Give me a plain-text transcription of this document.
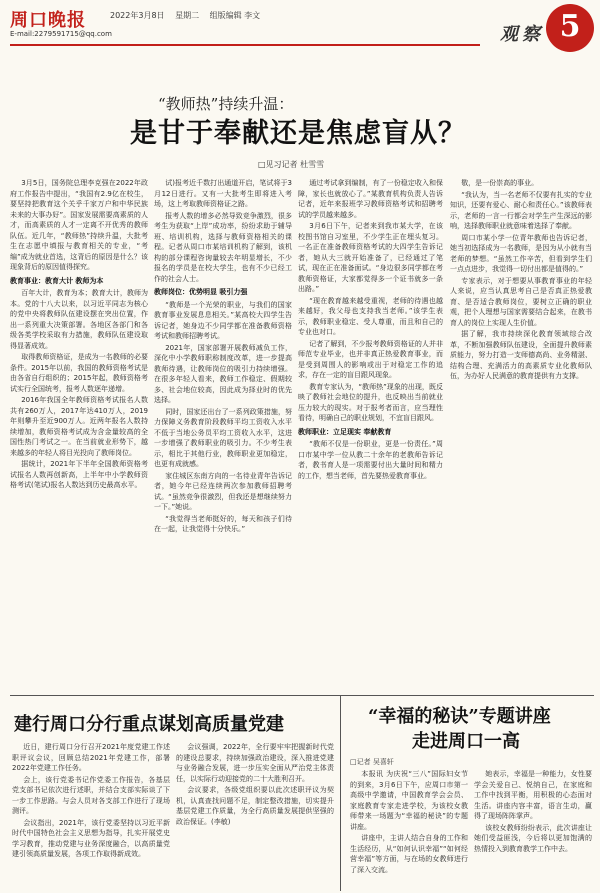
周口晚报	2022年3月8日 星期二 组版编辑 李文
E-mail:2279591715@qq.com	观察 5
“教师热”持续升温：
是甘于奉献还是焦虑盲从？
□见习记者 杜雪雪

3月5日，国务院总理李克强在2022年政府工作报告中提出，“我国有2.9亿在校生，要坚持把教育这个关乎千家万户和中华民族未来的大事办好”。国家发展需要高素质的人才，而高素质的人才一定离不开优秀的教师队伍。近几年，“教师热”持续升温，大批考生在志愿中填报与教育相关的专业，“考编”成为就业首选，这背后的原因是什么？该现象背后的原因值得探究。

教育事业：教育大计 教师为本

百年大计，教育为本；教育大计，教师为本。党的十八大以来，以习近平同志为核心的党中央将教师队伍建设摆在突出位置，作出一系列重大决策部署。各地区各部门和各级各类学校采取有力措施，教师队伍建设取得显著成效。

取得教师资格证，是成为一名教师的必要条件。2015年以前，我国的教师资格考试是由各省自行组织的；2015年起，教师资格考试实行全国统考，报考人数逐年递增。

2016年我国全年教师资格考试报名人数共有260万人，2017年达410万人，2019年则攀升至近900万人。近两年报名人数持续增加，教师资格考试成为含金量较高的全国性热门考试之一。在当前就业形势下，越来越多的年轻人将目光投向了教师岗位。

据统计，2021年下半年全国教师资格考试报名人数再创新高，上半年中小学教师资格考试(笔试)报名人数达到历史最高水平。

试)报考近千数打出通道开启，笔试将于3月12日进行。又有一大批考生即将进入考场，这上考取教师资格证之路。

报考人数的增多必然导致竞争激烈，很多考生为获取“上岸”成功率，纷纷求助于辅导班、培训机构，选择与教师资格相关的课程。记者从周口市某培训机构了解到，该机构的部分课程咨询量较去年明显增长，不少报名的学员是在校大学生，也有不少已经工作的社会人士。

教师岗位：优势明显 吸引力强

“教师是一个光荣的职业，与我们的国家教育事业发展息息相关。”某高校大四学生告诉记者，她身边不少同学都在准备教师资格考试和教师招聘考试。

2021年，国家部署开展教师减负工作，深化中小学教师职称制度改革，进一步提高教师待遇，让教师岗位的吸引力持续增强。在很多年轻人看来，教师工作稳定、假期较多、社会地位较高，因此成为择业时的优先选择。

同时，国家还出台了一系列政策措施，努力保障义务教育阶段教师平均工资收入水平不低于当地公务员平均工资收入水平，这进一步增强了教师职业的吸引力。不少考生表示，相比于其他行业，教师职业更加稳定，也更有成就感。

家住城区东南方向的一名待业青年告诉记者，她今年已经连续两次参加教师招聘考试。“虽然竞争很激烈，但我还是想继续努力一下。”她说。

“我觉得当老师挺好的，每天和孩子们待在一起，让我觉得十分快乐。”

通过考试拿到编制，有了一份稳定收入和保障，家长也就放心了。”某教育机构负责人告诉记者，近年来报班学习教师资格考试和招聘考试的学员越来越多。

3月6日下午，记者来到我市某大学，在该校图书馆自习室里，不少学生正在埋头复习。一名正在准备教师资格考试的大四学生告诉记者，她从大三就开始准备了，已经通过了笔试，现在正在准备面试。“身边很多同学都在考教师资格证，大家都觉得多一个证书就多一条出路。”

“现在教育越来越受重视，老师的待遇也越来越好，我父母也支持我当老师。”该学生表示，教师职业稳定、受人尊重，而且和自己的专业也对口。

记者了解到，不少报考教师资格证的人并非师范专业毕业，也并非真正热爱教育事业，而是受到周围人的影响或出于对稳定工作的追求，存在一定的盲目跟风现象。

教育专家认为，“教师热”现象的出现，既反映了教师社会地位的提升，也反映出当前就业压力较大的现实。对于报考者而言，应当理性看待，明确自己的职业规划，不宜盲目跟风。

教师职业：立足现实 奉献教育

“教师不仅是一份职业，更是一份责任。”周口市某中学一位从教二十余年的老教师告诉记者，教书育人是一项需要付出大量时间和精力的工作，想当老师，首先要热爱教育事业。

敬，是一份崇高的事业。

“我认为，当一名老师不仅要有扎实的专业知识，还要有爱心、耐心和责任心。”该教师表示，老师的一言一行都会对学生产生深远的影响，选择教师职业就意味着选择了奉献。

周口市某小学一位青年教师也告诉记者，她当初选择成为一名教师，是因为从小就有当老师的梦想。“虽然工作辛苦，但看到学生们一点点进步，我觉得一切付出都是值得的。”

专家表示，对于想要从事教育事业的年轻人来说，应当认真思考自己是否真正热爱教育、是否适合教师岗位，要树立正确的职业观，把个人理想与国家需要结合起来，在教书育人的岗位上实现人生价值。

据了解，我市持续深化教育领域综合改革，不断加强教师队伍建设，全面提升教师素质能力，努力打造一支师德高尚、业务精湛、结构合理、充满活力的高素质专业化教师队伍，为办好人民满意的教育提供有力支撑。

建行周口分行重点谋划高质量党建

近日，建行周口分行召开2021年度党建工作述职评议会议，回顾总结2021年党建工作，部署2022年党建工作任务。

会上，该行党委书记作党委工作报告，各基层党支部书记依次进行述职，并结合支部实际谈了下一步工作思路。与会人员对各支部工作进行了现场测评。

会议指出，2021年，该行党委坚持以习近平新时代中国特色社会主义思想为指导，扎实开展党史学习教育，推动党建与业务深度融合，以高质量党建引领高质量发展，各项工作取得新成效。

会议强调，2022年，全行要牢牢把握新时代党的建设总要求，持续加强政治建设，深入推进党建与业务融合发展，进一步压实全面从严治党主体责任，以实际行动迎接党的二十大胜利召开。

会议要求，各级党组织要以此次述职评议为契机，认真查找问题不足，制定整改措施，切实提升基层党建工作质量，为全行高质量发展提供坚强的政治保证。(李敏)

“幸福的秘诀”专题讲座
走进周口一高
□记者 吴喜轩

本报讯 为庆祝“三八”国际妇女节的到来，3月6日下午，应周口市第一高级中学邀请，中国教育学会会员、家庭教育专家走进学校，为该校女教师带来一场题为“幸福的秘诀”的专题讲座。

讲座中，主讲人结合自身的工作和生活经历，从“如何认识幸福”“如何经营幸福”等方面，与在场的女教师进行了深入交流。

她表示，幸福是一种能力，女性要学会关爱自己、悦纳自己，在家庭和工作中找到平衡，用积极的心态面对生活。讲座内容丰富，语言生动，赢得了现场阵阵掌声。

该校女教师纷纷表示，此次讲座让她们受益匪浅，今后将以更加饱满的热情投入到教育教学工作中去。
